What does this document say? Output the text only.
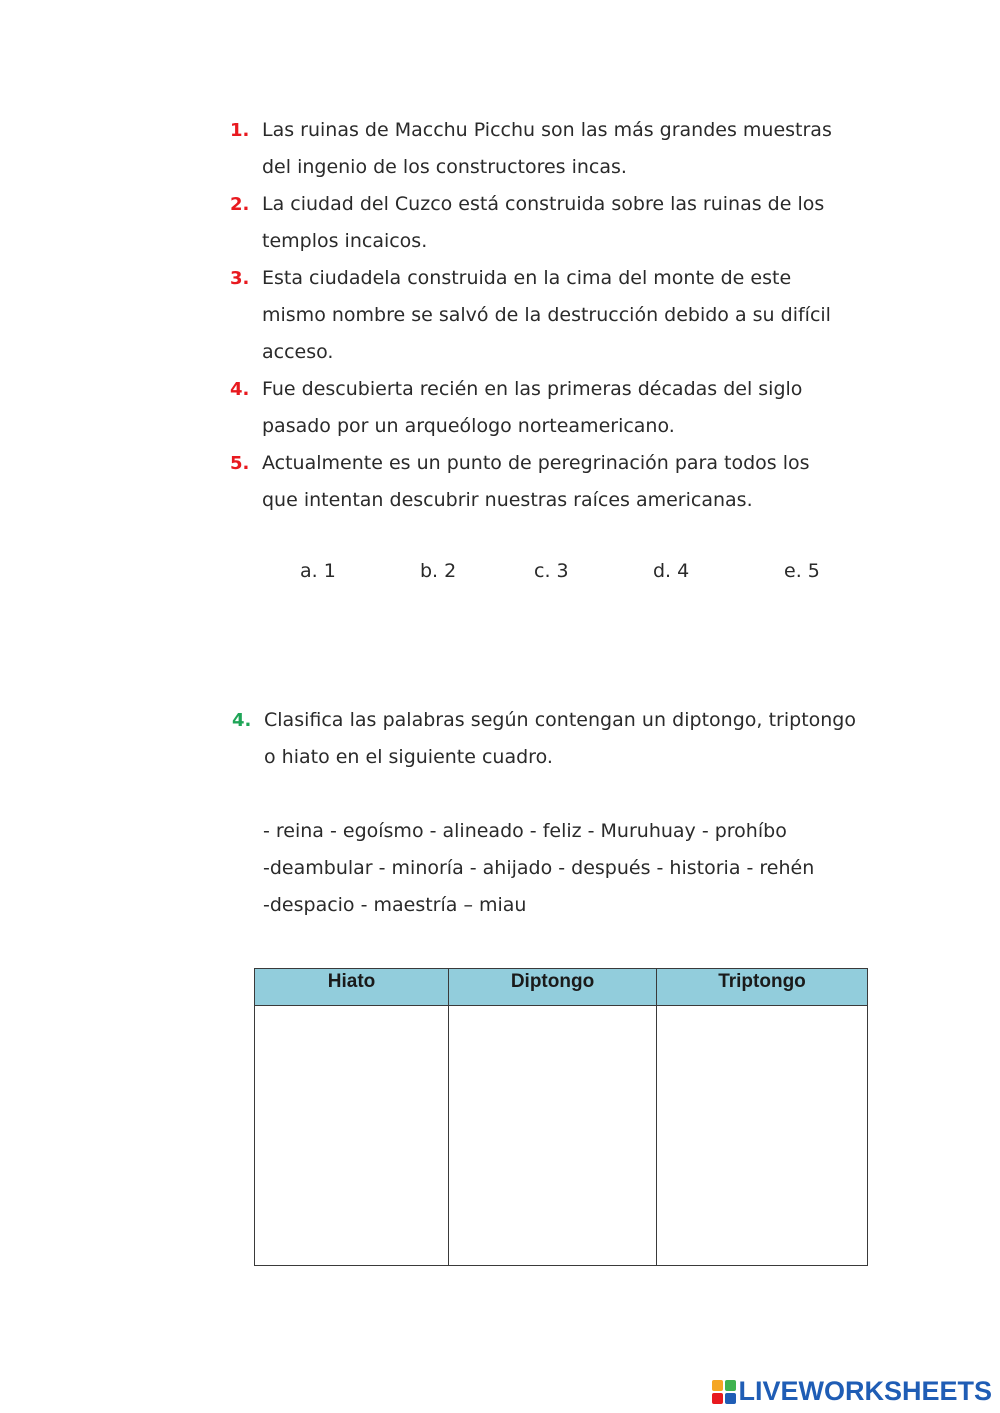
1. Las ruinas de Macchu Picchu son las más grandes muestras
del ingenio de los constructores incas.
2. La ciudad del Cuzco está construida sobre las ruinas de los
templos incaicos.
3. Esta ciudadela construida en la cima del monte de este
mismo nombre se salvó de la destrucción debido a su difícil
acceso.
4. Fue descubierta recién en las primeras décadas del siglo
pasado por un arqueólogo norteamericano.
5. Actualmente es un punto de peregrinación para todos los
que intentan descubrir nuestras raíces americanas.
a. 1	b. 2	c. 3	d. 4	e. 5
4. Clasifica las palabras según contengan un diptongo, triptongo o hiato en el siguiente cuadro.
- reina - egoísmo - alineado - feliz - Muruhuay - prohíbo
-deambular - minoría - ahijado - después - historia - rehén
-despacio - maestría – miau
Hiato	Diptongo	Triptongo

LIVEWORKSHEETS
